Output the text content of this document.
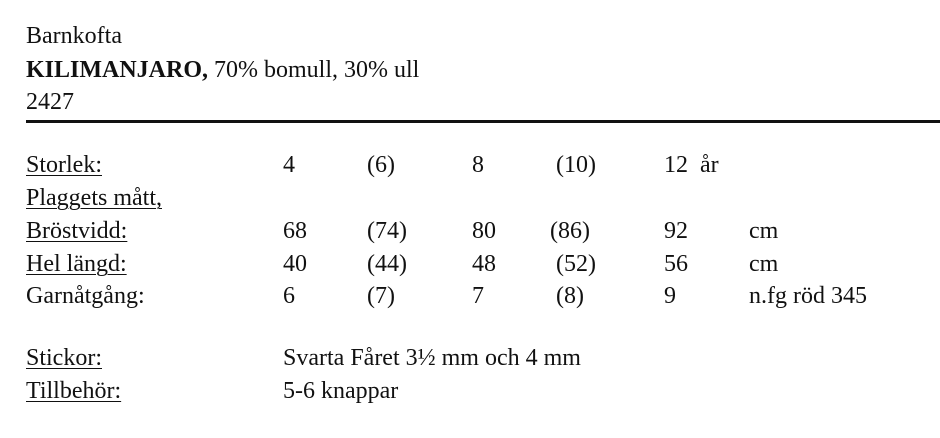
Barnkofta
KILIMANJARO, 70% bomull, 30% ull
2427
Storlek:	4	(6)	8	(10)	12  år
Plaggets mått,
Bröstvidd:	68	(74)	80 (86)	92	cm
Hel längd:	40	(44)	48	(52)	56	cm
Garnåtgång:	6	(7)	7	(8)	9	n.fg röd 345
Stickor:	Svarta Fåret 3½ mm och 4 mm
Tillbehör:	5-6 knappar
